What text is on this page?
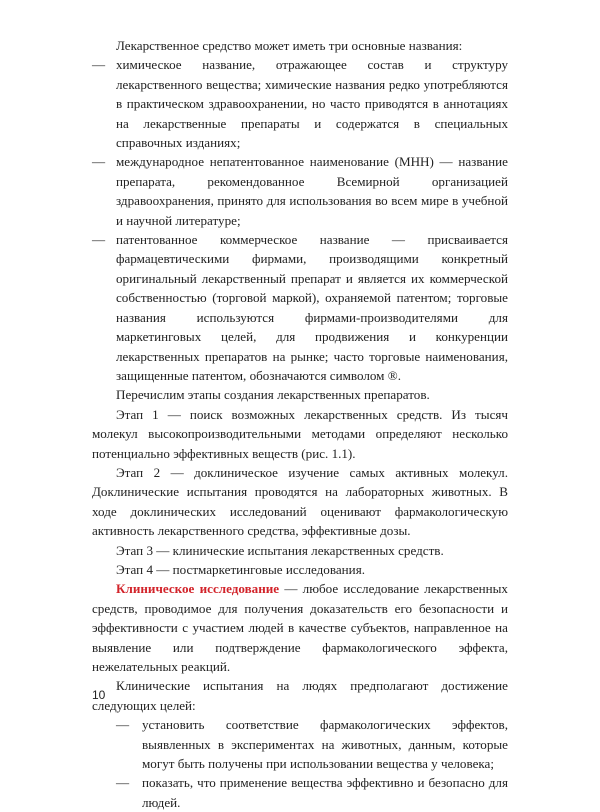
Лекарственное средство может иметь три основные названия:

— химическое название, отражающее состав и структуру лекарственного вещества; химические названия редко употребляются в практическом здравоохранении, но часто приводятся в аннотациях на лекарственные препараты и содержатся в специальных справочных изданиях;
— международное непатентованное наименование (МНН) — название препарата, рекомендованное Всемирной организацией здравоохранения, принято для использования во всем мире в учебной и научной литературе;
— патентованное коммерческое название — присваивается фармацевтическими фирмами, производящими конкретный оригинальный лекарственный препарат и является их коммерческой собственностью (торговой маркой), охраняемой патентом; торговые названия используются фирмами-производителями для маркетинговых целей, для продвижения и конкуренции лекарственных препаратов на рынке; часто торговые наименования, защищенные патентом, обозначаются символом ®.

Перечислим этапы создания лекарственных препаратов.

Этап 1 — поиск возможных лекарственных средств. Из тысяч молекул высокопроизводительными методами определяют несколько потенциально эффективных веществ (рис. 1.1).

Этап 2 — доклиническое изучение самых активных молекул. Доклинические испытания проводятся на лабораторных животных. В ходе доклинических исследований оценивают фармакологическую активность лекарственного средства, эффективные дозы.

Этап 3 — клинические испытания лекарственных средств.

Этап 4 — постмаркетинговые исследования.

Клиническое исследование — любое исследование лекарственных средств, проводимое для получения доказательств его безопасности и эффективности с участием людей в качестве субъектов, направленное на выявление или подтверждение фармакологического эффекта, нежелательных реакций.

Клинические испытания на людях предполагают достижение следующих целей:

— установить соответствие фармакологических эффектов, выявленных в экспериментах на животных, данным, которые могут быть получены при использовании вещества у человека;
— показать, что применение вещества эффективно и безопасно для людей.
10
